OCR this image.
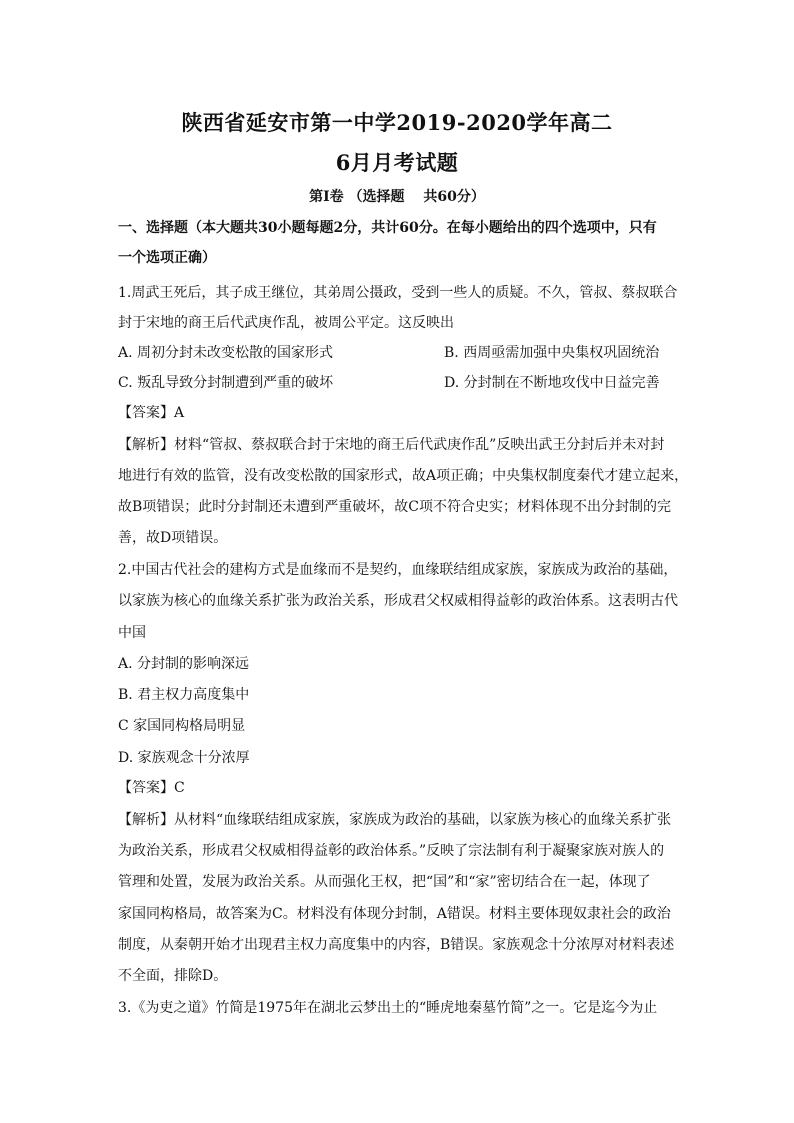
陕西省延安市第一中学2019-2020学年高二
6月月考试题
第Ⅰ卷 （选择题　 共60分）
一、选择题（本大题共30小题每题2分，共计60分。在每小题给出的四个选项中，只有
一个选项正确）
1.周武王死后，其子成王继位，其弟周公摄政，受到一些人的质疑。不久，管叔、蔡叔联合
封于宋地的商王后代武庚作乱，被周公平定。这反映出
A. 周初分封未改变松散的国家形式	B. 西周亟需加强中央集权巩固统治
C. 叛乱导致分封制遭到严重的破坏	D. 分封制在不断地攻伐中日益完善
【答案】A
【解析】材料“管叔、蔡叔联合封于宋地的商王后代武庚作乱”反映出武王分封后并未对封
地进行有效的监管，没有改变松散的国家形式，故A项正确；中央集权制度秦代才建立起来，
故B项错误；此时分封制还未遭到严重破坏，故C项不符合史实；材料体现不出分封制的完
善，故D项错误。
2.中国古代社会的建构方式是血缘而不是契约，血缘联结组成家族，家族成为政治的基础，
以家族为核心的血缘关系扩张为政治关系，形成君父权威相得益彰的政治体系。这表明古代
中国
A. 分封制的影响深远
B. 君主权力高度集中
C 家国同构格局明显
D. 家族观念十分浓厚
【答案】C
【解析】从材料“血缘联结组成家族，家族成为政治的基础，以家族为核心的血缘关系扩张
为政治关系，形成君父权威相得益彰的政治体系。”反映了宗法制有利于凝聚家族对族人的
管理和处置，发展为政治关系。从而强化王权，把“国”和“家”密切结合在一起，体现了
家国同构格局，故答案为C。材料没有体现分封制，A错误。材料主要体现奴隶社会的政治
制度，从秦朝开始才出现君主权力高度集中的内容，B错误。家族观念十分浓厚对材料表述
不全面，排除D。
3.《为吏之道》竹简是1975年在湖北云梦出土的“睡虎地秦墓竹简”之一。它是迄今为止
